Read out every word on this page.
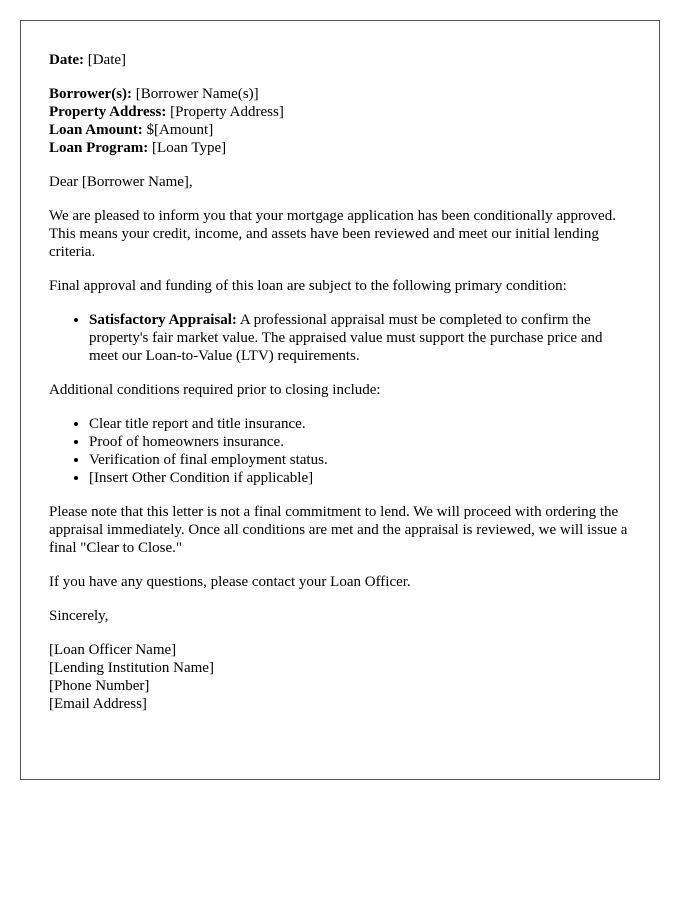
Date: [Date]

Borrower(s): [Borrower Name(s)]
Property Address: [Property Address]
Loan Amount: $[Amount]
Loan Program: [Loan Type]

Dear [Borrower Name],

We are pleased to inform you that your mortgage application has been conditionally approved. This means your credit, income, and assets have been reviewed and meet our initial lending criteria.

Final approval and funding of this loan are subject to the following primary condition:

• Satisfactory Appraisal: A professional appraisal must be completed to confirm the property's fair market value. The appraised value must support the purchase price and meet our Loan-to-Value (LTV) requirements.

Additional conditions required prior to closing include:

• Clear title report and title insurance.
• Proof of homeowners insurance.
• Verification of final employment status.
• [Insert Other Condition if applicable]

Please note that this letter is not a final commitment to lend. We will proceed with ordering the appraisal immediately. Once all conditions are met and the appraisal is reviewed, we will issue a final "Clear to Close."

If you have any questions, please contact your Loan Officer.

Sincerely,

[Loan Officer Name]
[Lending Institution Name]
[Phone Number]
[Email Address]
